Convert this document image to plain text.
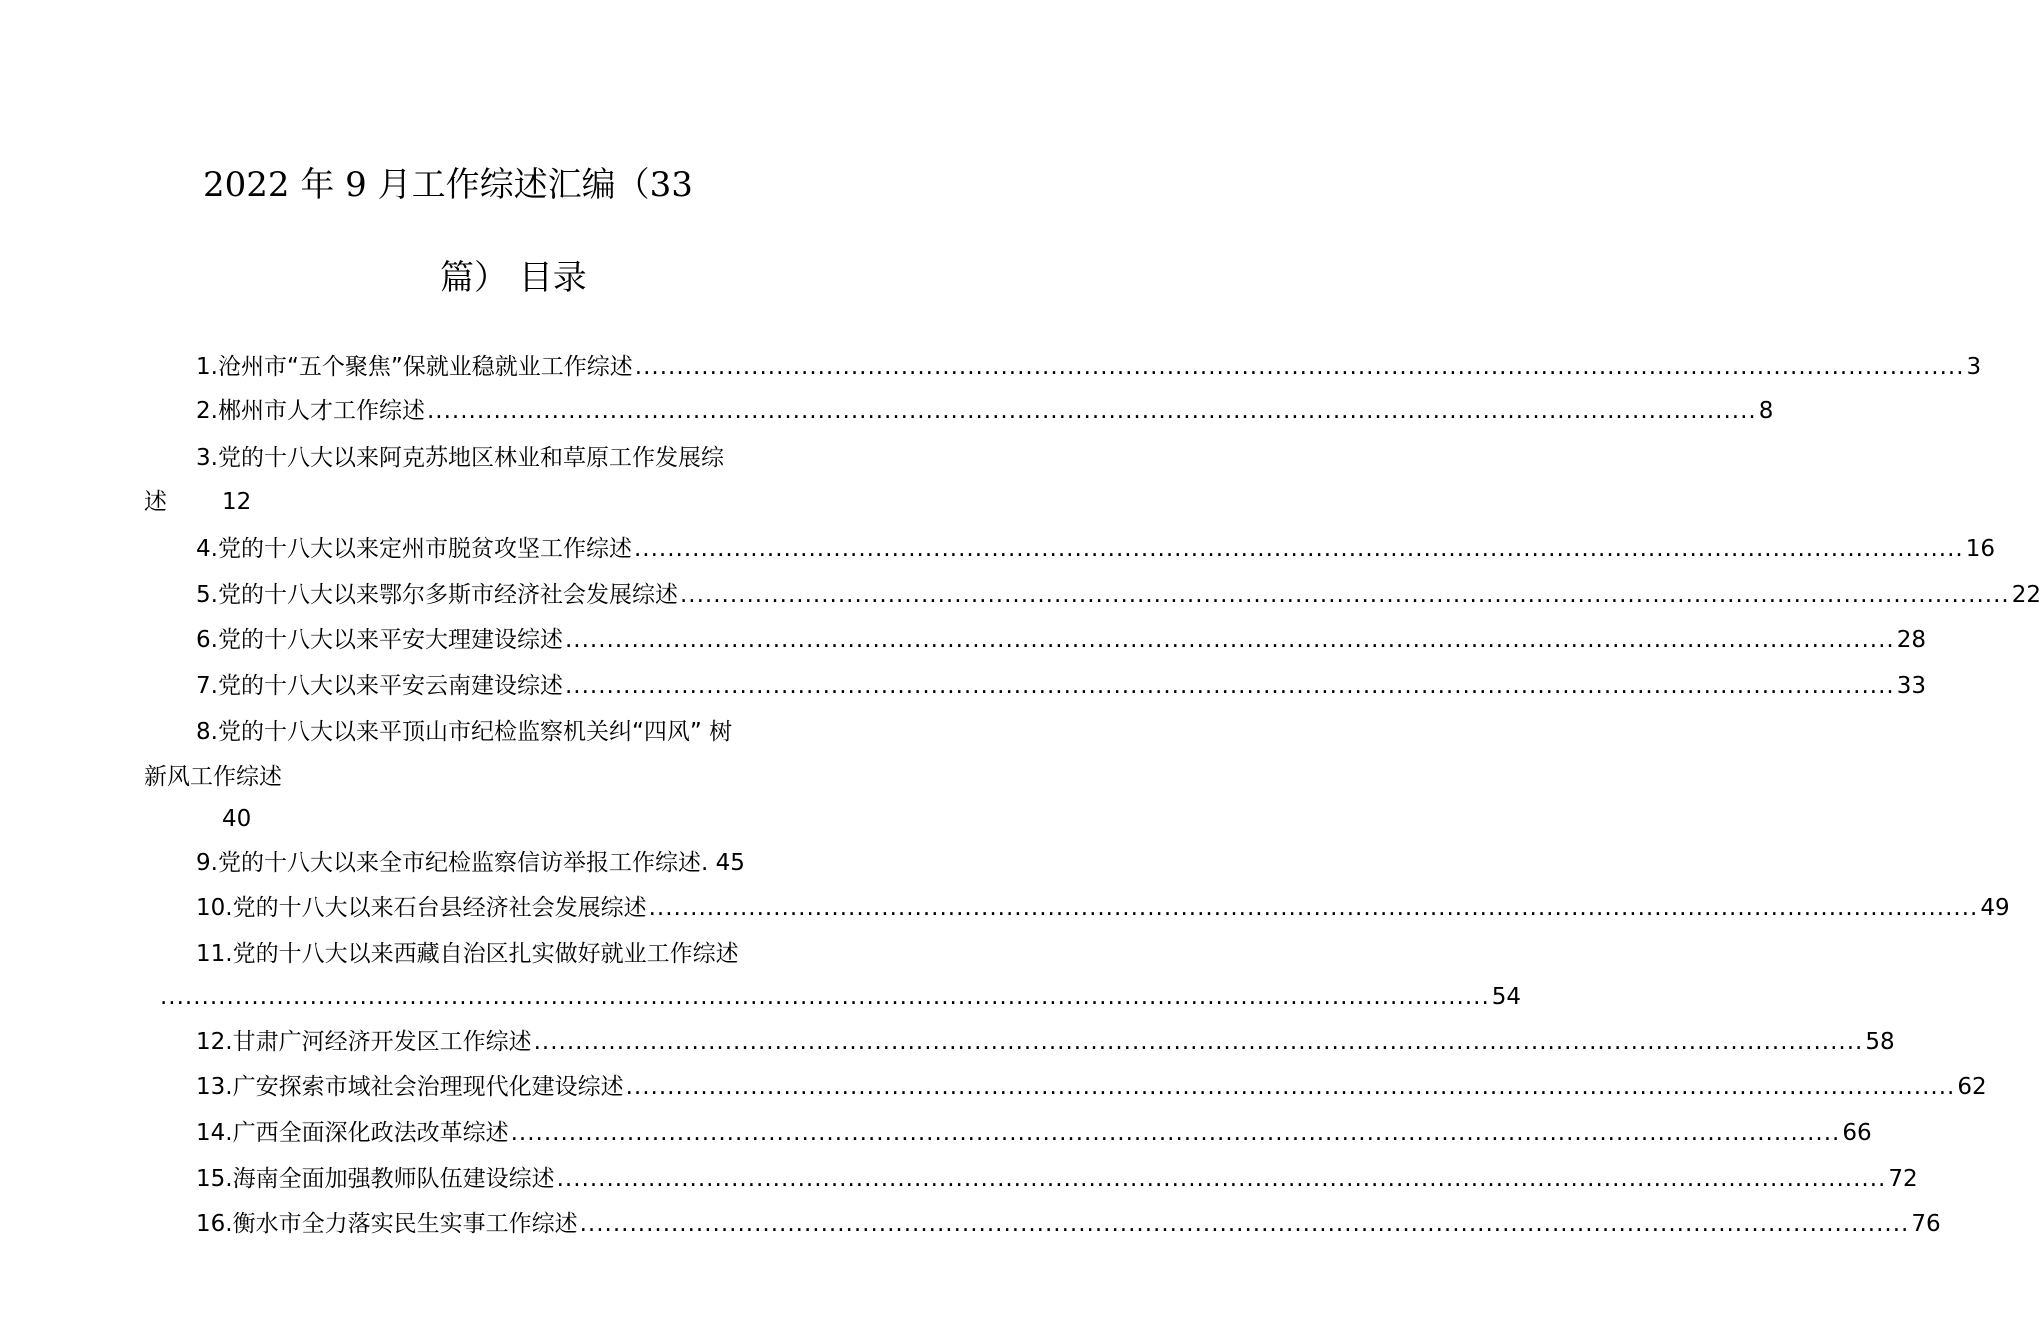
2022 年 9 月工作综述汇编（33
篇） 目录
1.沧州市“五个聚焦”保就业稳就业工作综述 ................................................................................................................................................................ 3
2.郴州市人才工作综述 ................................................................................................................................................................ 8
3.党的十八大以来阿克苏地区林业和草原工作发展综
述 12
4.党的十八大以来定州市脱贫攻坚工作综述 ................................................................................................................................................................ 16
5.党的十八大以来鄂尔多斯市经济社会发展综述 ................................................................................................................................................................ 22
6.党的十八大以来平安大理建设综述 ................................................................................................................................................................ 28
7.党的十八大以来平安云南建设综述 ................................................................................................................................................................ 33
8.党的十八大以来平顶山市纪检监察机关纠“四风” 树
新风工作综述
40
9.党的十八大以来全市纪检监察信访举报工作综述. 45
10.党的十八大以来石台县经济社会发展综述 ................................................................................................................................................................ 49
11.党的十八大以来西藏自治区扎实做好就业工作综述
................................................................................................................................................................ 54
12.甘肃广河经济开发区工作综述 ................................................................................................................................................................ 58
13.广安探索市域社会治理现代化建设综述 ................................................................................................................................................................ 62
14.广西全面深化政法改革综述 ................................................................................................................................................................ 66
15.海南全面加强教师队伍建设综述 ................................................................................................................................................................ 72
16.衡水市全力落实民生实事工作综述 ................................................................................................................................................................ 76
